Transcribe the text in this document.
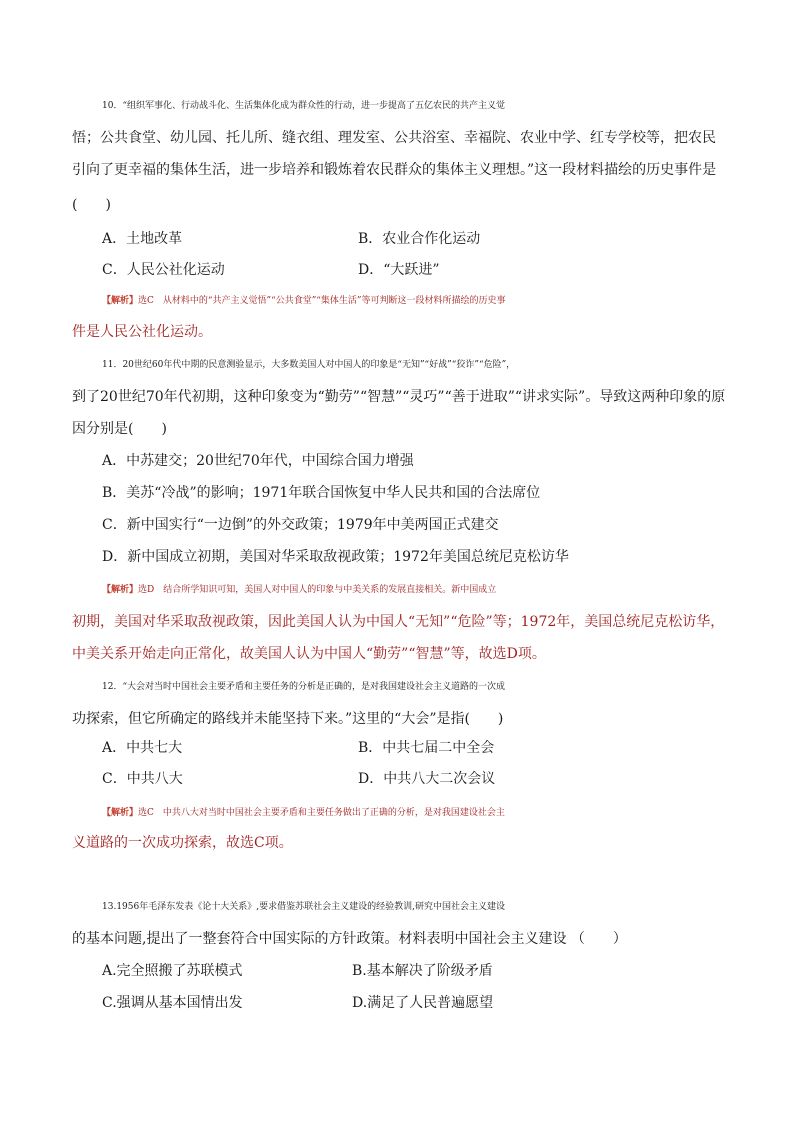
10．“组织军事化、行动战斗化、生活集体化成为群众性的行动，进一步提高了五亿农民的共产主义觉
悟；公共食堂、幼儿园、托儿所、缝衣组、理发室、公共浴室、幸福院、农业中学、红专学校等，把农民
引向了更幸福的集体生活，进一步培养和锻炼着农民群众的集体主义理想。”这一段材料描绘的历史事件是
(　　)
A．土地改革	B．农业合作化运动
C．人民公社化运动	D．“大跃进”
【解析】选C　从材料中的“共产主义觉悟”“公共食堂”“集体生活”等可判断这一段材料所描绘的历史事
件是人民公社化运动。
11．20世纪60年代中期的民意测验显示，大多数美国人对中国人的印象是“无知”“好战”“狡诈”“危险”，
到了20世纪70年代初期，这种印象变为“勤劳”“智慧”“灵巧”“善于进取”“讲求实际”。导致这两种印象的原
因分别是(　　)
A．中苏建交；20世纪70年代，中国综合国力增强
B．美苏“冷战”的影响；1971年联合国恢复中华人民共和国的合法席位
C．新中国实行“一边倒”的外交政策；1979年中美两国正式建交
D．新中国成立初期，美国对华采取敌视政策；1972年美国总统尼克松访华
【解析】选D　结合所学知识可知，美国人对中国人的印象与中美关系的发展直接相关。新中国成立
初期，美国对华采取敌视政策，因此美国人认为中国人“无知”“危险”等；1972年，美国总统尼克松访华，
中美关系开始走向正常化，故美国人认为中国人“勤劳”“智慧”等，故选D项。
12．“大会对当时中国社会主要矛盾和主要任务的分析是正确的，是对我国建设社会主义道路的一次成
功探索，但它所确定的路线并未能坚持下来。”这里的“大会”是指(　　)
A．中共七大	B．中共七届二中全会
C．中共八大	D．中共八大二次会议
【解析】选C　中共八大对当时中国社会主要矛盾和主要任务做出了正确的分析，是对我国建设社会主
义道路的一次成功探索，故选C项。
13.1956年毛泽东发表《论十大关系》,要求借鉴苏联社会主义建设的经验教训,研究中国社会主义建设
的基本问题,提出了一整套符合中国实际的方针政策。材料表明中国社会主义建设 （　　）
A.完全照搬了苏联模式	B.基本解决了阶级矛盾
C.强调从基本国情出发	D.满足了人民普遍愿望
